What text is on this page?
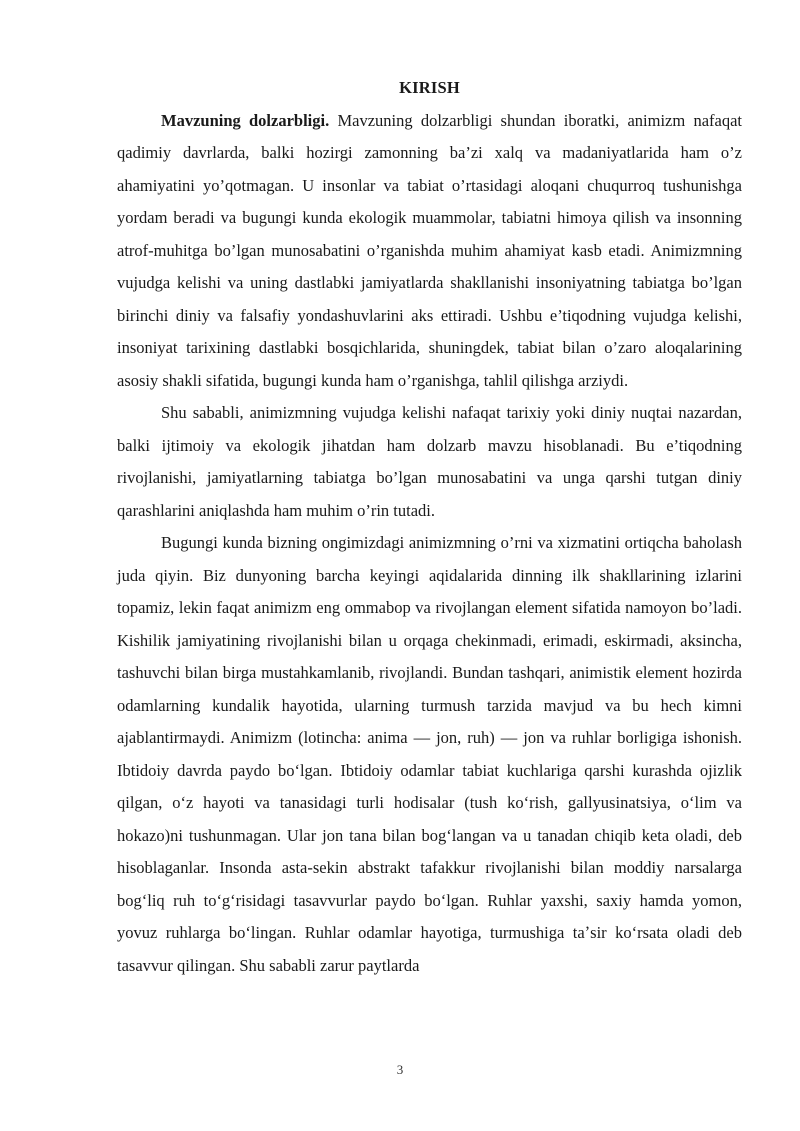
KIRISH

Mavzuning dolzarbligi. Mavzuning dolzarbligi shundan iboratki, animizm nafaqat qadimiy davrlarda, balki hozirgi zamonning ba’zi xalq va madaniyatlarida ham o’z ahamiyatini yo’qotmagan. U insonlar va tabiat o’rtasidagi aloqani chuqurroq tushunishga yordam beradi va bugungi kunda ekologik muammolar, tabiatni himoya qilish va insonning atrof-muhitga bo’lgan munosabatini o’rganishda muhim ahamiyat kasb etadi. Animizmning vujudga kelishi va uning dastlabki jamiyatlarda shakllanishi insoniyatning tabiatga bo’lgan birinchi diniy va falsafiy yondashuvlarini aks ettiradi. Ushbu e’tiqodning vujudga kelishi, insoniyat tarixining dastlabki bosqichlarida, shuningdek, tabiat bilan o’zaro aloqalarining asosiy shakli sifatida, bugungi kunda ham o’rganishga, tahlil qilishga arziydi.

Shu sababli, animizmning vujudga kelishi nafaqat tarixiy yoki diniy nuqtai nazardan, balki ijtimoiy va ekologik jihatdan ham dolzarb mavzu hisoblanadi. Bu e’tiqodning rivojlanishi, jamiyatlarning tabiatga bo’lgan munosabatini va unga qarshi tutgan diniy qarashlarini aniqlashda ham muhim o’rin tutadi.

Bugungi kunda bizning ongimizdagi animizmning o’rni va xizmatini ortiqcha baholash juda qiyin. Biz dunyoning barcha keyingi aqidalarida dinning ilk shakllarining izlarini topamiz, lekin faqat animizm eng ommabop va rivojlangan element sifatida namoyon bo’ladi. Kishilik jamiyatining rivojlanishi bilan u orqaga chekinmadi, erimadi, eskirmadi, aksincha, tashuvchi bilan birga mustahkamlanib, rivojlandi. Bundan tashqari, animistik element hozirda odamlarning kundalik hayotida, ularning turmush tarzida mavjud va bu hech kimni ajablantirmaydi. Animizm (lotincha: anima — jon, ruh) — jon va ruhlar borligiga ishonish. Ibtidoiy davrda paydo boʻlgan. Ibtidoiy odamlar tabiat kuchlariga qarshi kurashda ojizlik qilgan, oʻz hayoti va tanasidagi turli hodisalar (tush koʻrish, gallyusinatsiya, oʻlim va hokazo)ni tushunmagan. Ular jon tana bilan bogʻlangan va u tanadan chiqib keta oladi, deb hisoblaganlar. Insonda asta-sekin abstrakt tafakkur rivojlanishi bilan moddiy narsalarga bogʻliq ruh toʻgʻrisidagi tasavvurlar paydo boʻlgan. Ruhlar yaxshi, saxiy hamda yomon, yovuz ruhlarga boʻlingan. Ruhlar odamlar hayotiga, turmushiga taʼsir koʻrsata oladi deb tasavvur qilingan. Shu sababli zarur paytlarda

3
